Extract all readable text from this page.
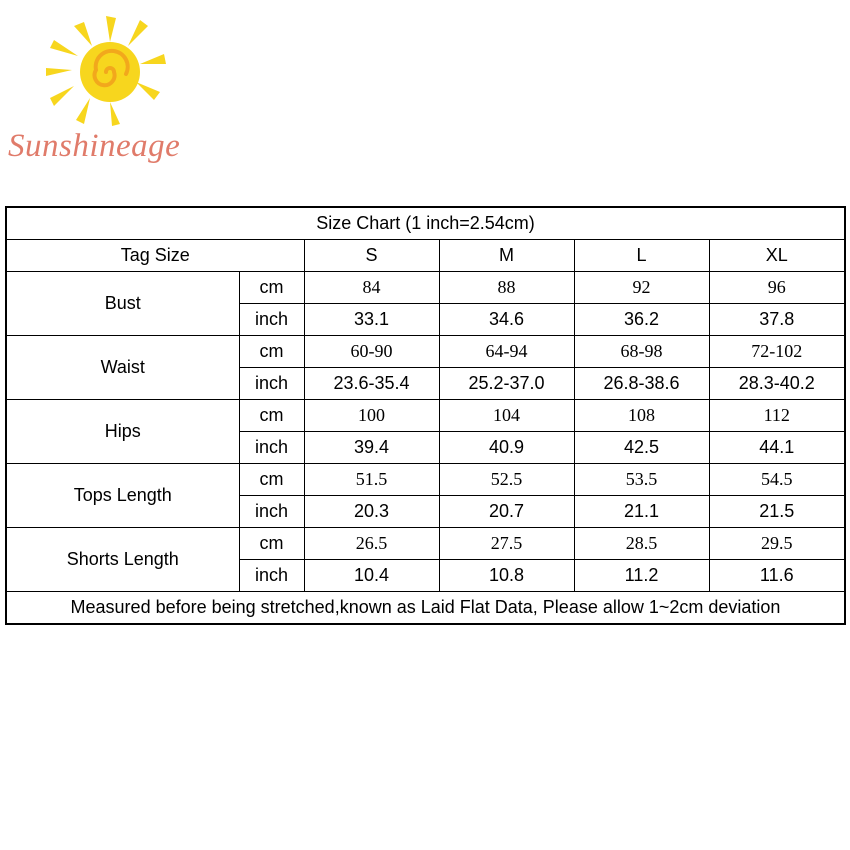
Sunshineage
Size Chart (1 inch=2.54cm)					
Tag Size		S	M	L	XL
Bust	cm	84	88	92	96
	inch	33.1	34.6	36.2	37.8
Waist	cm	60-90	64-94	68-98	72-102
	inch	23.6-35.4	25.2-37.0	26.8-38.6	28.3-40.2
Hips	cm	100	104	108	112
	inch	39.4	40.9	42.5	44.1
Tops Length	cm	51.5	52.5	53.5	54.5
	inch	20.3	20.7	21.1	21.5
Shorts Length	cm	26.5	27.5	28.5	29.5
	inch	10.4	10.8	11.2	11.6
Measured before being stretched,known as Laid Flat Data, Please allow 1~2cm deviation					
